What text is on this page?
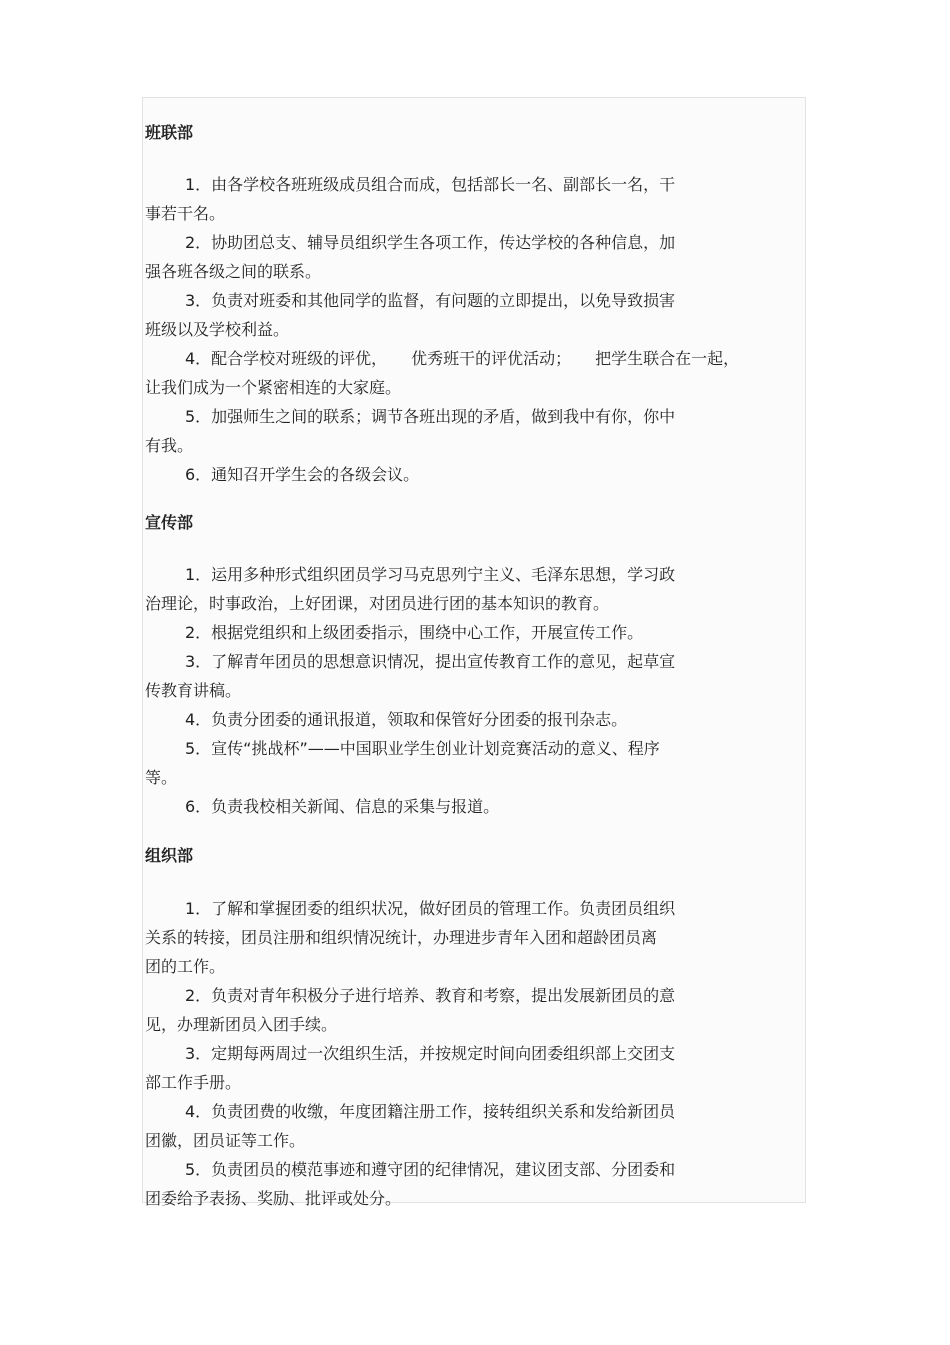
班联部

1．由各学校各班班级成员组合而成，包括部长一名、副部长一名，干
事若干名。

2．协助团总支、辅导员组织学生各项工作，传达学校的各种信息，加
强各班各级之间的联系。

3．负责对班委和其他同学的监督，有问题的立即提出，以免导致损害
班级以及学校利益。

4．配合学校对班级的评优，　　优秀班干的评优活动；　　把学生联合在一起，
让我们成为一个紧密相连的大家庭。

5．加强师生之间的联系；调节各班出现的矛盾，做到我中有你，你中
有我。

6．通知召开学生会的各级会议。

宣传部

1．运用多种形式组织团员学习马克思列宁主义、毛泽东思想，学习政
治理论，时事政治，上好团课，对团员进行团的基本知识的教育。

2．根据党组织和上级团委指示，围绕中心工作，开展宣传工作。

3．了解青年团员的思想意识情况，提出宣传教育工作的意见，起草宣
传教育讲稿。

4．负责分团委的通讯报道，领取和保管好分团委的报刊杂志。

5．宣传“挑战杯”——中国职业学生创业计划竞赛活动的意义、程序
等。

6．负责我校相关新闻、信息的采集与报道。

组织部

1．了解和掌握团委的组织状况，做好团员的管理工作。负责团员组织
关系的转接，团员注册和组织情况统计，办理进步青年入团和超龄团员离
团的工作。

2．负责对青年积极分子进行培养、教育和考察，提出发展新团员的意
见，办理新团员入团手续。

3．定期每两周过一次组织生活，并按规定时间向团委组织部上交团支
部工作手册。

4．负责团费的收缴，年度团籍注册工作，接转组织关系和发给新团员
团徽，团员证等工作。

5．负责团员的模范事迹和遵守团的纪律情况，建议团支部、分团委和
团委给予表扬、奖励、批评或处分。
